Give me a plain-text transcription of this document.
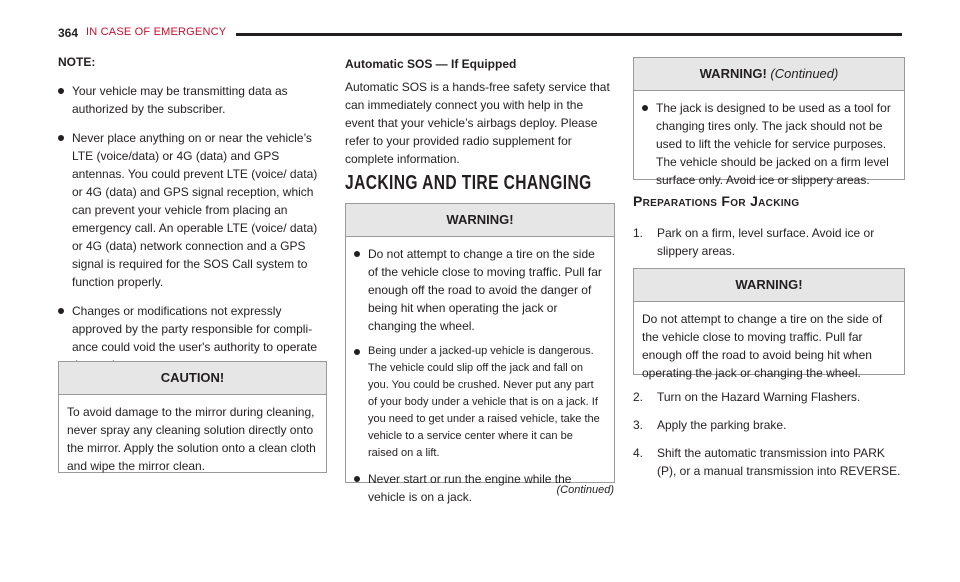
364 IN CASE OF EMERGENCY
NOTE:
Your vehicle may be transmitting data as authorized by the subscriber.
Never place anything on or near the vehicle’s LTE (voice/data) or 4G (data) and GPS antennas. You could prevent LTE (voice/ data) or 4G (data) and GPS signal reception, which can prevent your vehicle from placing an emergency call. An operable LTE (voice/ data) or 4G (data) network connection and a GPS signal is required for the SOS Call system to function properly.
Changes or modifications not expressly approved by the party responsible for compli- ance could void the user's authority to operate
CAUTION!
To avoid damage to the mirror during cleaning, never spray any cleaning solution directly onto the mirror. Apply the solution onto a clean cloth and wipe the mirror clean.
Automatic SOS — If Equipped

Automatic SOS is a hands-free safety service that can immediately connect you with help in the event that your vehicle’s airbags deploy. Please refer to your provided radio supplement for complete information.

JACKING AND TIRE CHANGING
WARNING!
Do not attempt to change a tire on the side of the vehicle close to moving traffic. Pull far enough off the road to avoid the danger of being hit when operating the jack or changing the wheel.
Being under a jacked-up vehicle is dangerous. The vehicle could slip off the jack and fall on you. You could be crushed. Never put any part of your body under a vehicle that is on a jack. If you need to get under a raised vehicle, take the vehicle to a service center where it can be raised on a lift.
Never start or run the engine while the vehicle is on a jack.	(Continued)
WARNING! (Continued)
The jack is designed to be used as a tool for changing tires only. The jack should not be used to lift the vehicle for service purposes. The vehicle should be jacked on a firm level surface only. Avoid ice or slippery areas.
Preparations For Jacking
1. Park on a firm, level surface. Avoid ice or slippery areas.
WARNING!
Do not attempt to change a tire on the side of the vehicle close to moving traffic. Pull far enough off the road to avoid being hit when operating the jack or changing the wheel.
2. Turn on the Hazard Warning Flashers.
3. Apply the parking brake.
4. Shift the automatic transmission into PARK (P), or a manual transmission into REVERSE.
